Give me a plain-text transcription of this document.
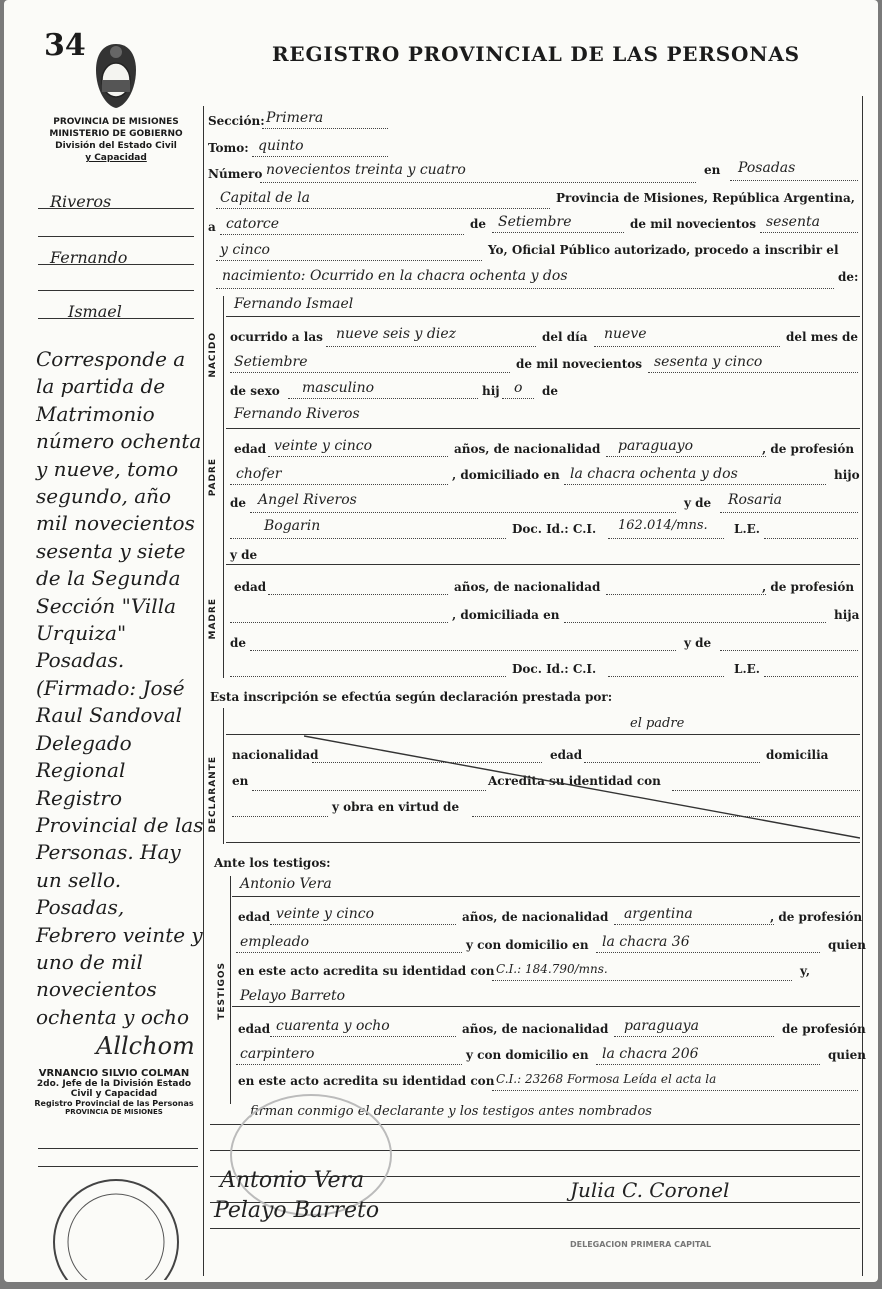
34	REGISTRO PROVINCIAL DE LAS PERSONAS
PROVINCIA DE MISIONES
MINISTERIO DE GOBIERNO
División del Estado Civil
y Capacidad
Riveros
Fernando
Ismael
Corresponde a la partida de Matrimonio número ochenta y nueve, tomo segundo, año mil novecientos sesenta y siete de la Segunda Sección "Villa Urquiza" Posadas. (Firmado: José Raul Sandoval Delegado Regional Registro Provincial de las Personas. Hay un sello. Posadas, Febrero veinte y uno de mil novecientos ochenta y ocho
Allchom
VRNANCIO SILVIO COLMAN
2do. Jefe de la División Estado
Civil y Capacidad
Registro Provincial de las Personas
PROVINCIA DE MISIONES
NACIDO
PADRE
MADRE
DECLARANTE
TESTIGOS
Sección: Primera
Tomo: quinto
Número novecientos treinta y cuatro	en Posadas
Capital de la	Provincia de Misiones, República Argentina,
a catorce	de Setiembre	de mil novecientos sesenta
y cinco	Yo, Oficial Público autorizado, procedo a inscribir el
nacimiento: Ocurrido en la chacra ochenta y dos	de:
Fernando Ismael
ocurrido a las nueve seis y diez	del día nueve	del mes de
Setiembre	de mil novecientos sesenta y cinco
de sexo masculino	hij o de
Fernando Riveros
edad veinte y cinco	años, de nacionalidad paraguayo	, de profesión
chofer	, domiciliado en la chacra ochenta y dos	hijo
de Angel Riveros	y de Rosaria
Bogarin	Doc. Id.: C.I. 162.014/mns. L.E.
y de
edad	años, de nacionalidad	, de profesión
, domiciliada en	hija
de	y de
Doc. Id.: C.I.	L.E.
Esta inscripción se efectúa según declaración prestada por:
el padre
nacionalidad	edad	domicilia
en	Acredita su identidad con
y obra en virtud de
Ante los testigos:
Antonio Vera
edad veinte y cinco	años, de nacionalidad argentina	, de profesión
empleado	y con domicilio en la chacra 36	quien
en este acto acredita su identidad con C.I.: 184.790/mns.	y,
Pelayo Barreto
edad cuarenta y ocho	años, de nacionalidad paraguaya	de profesión
carpintero	y con domicilio en la chacra 206	quien
en este acto acredita su identidad con C.I.: 23268 Formosa Leída el acta la
firman conmigo el declarante y los testigos antes nombrados
Antonio Vera
Pelayo Barreto
Julia C. Coronel
DELEGACION PRIMERA CAPITAL
